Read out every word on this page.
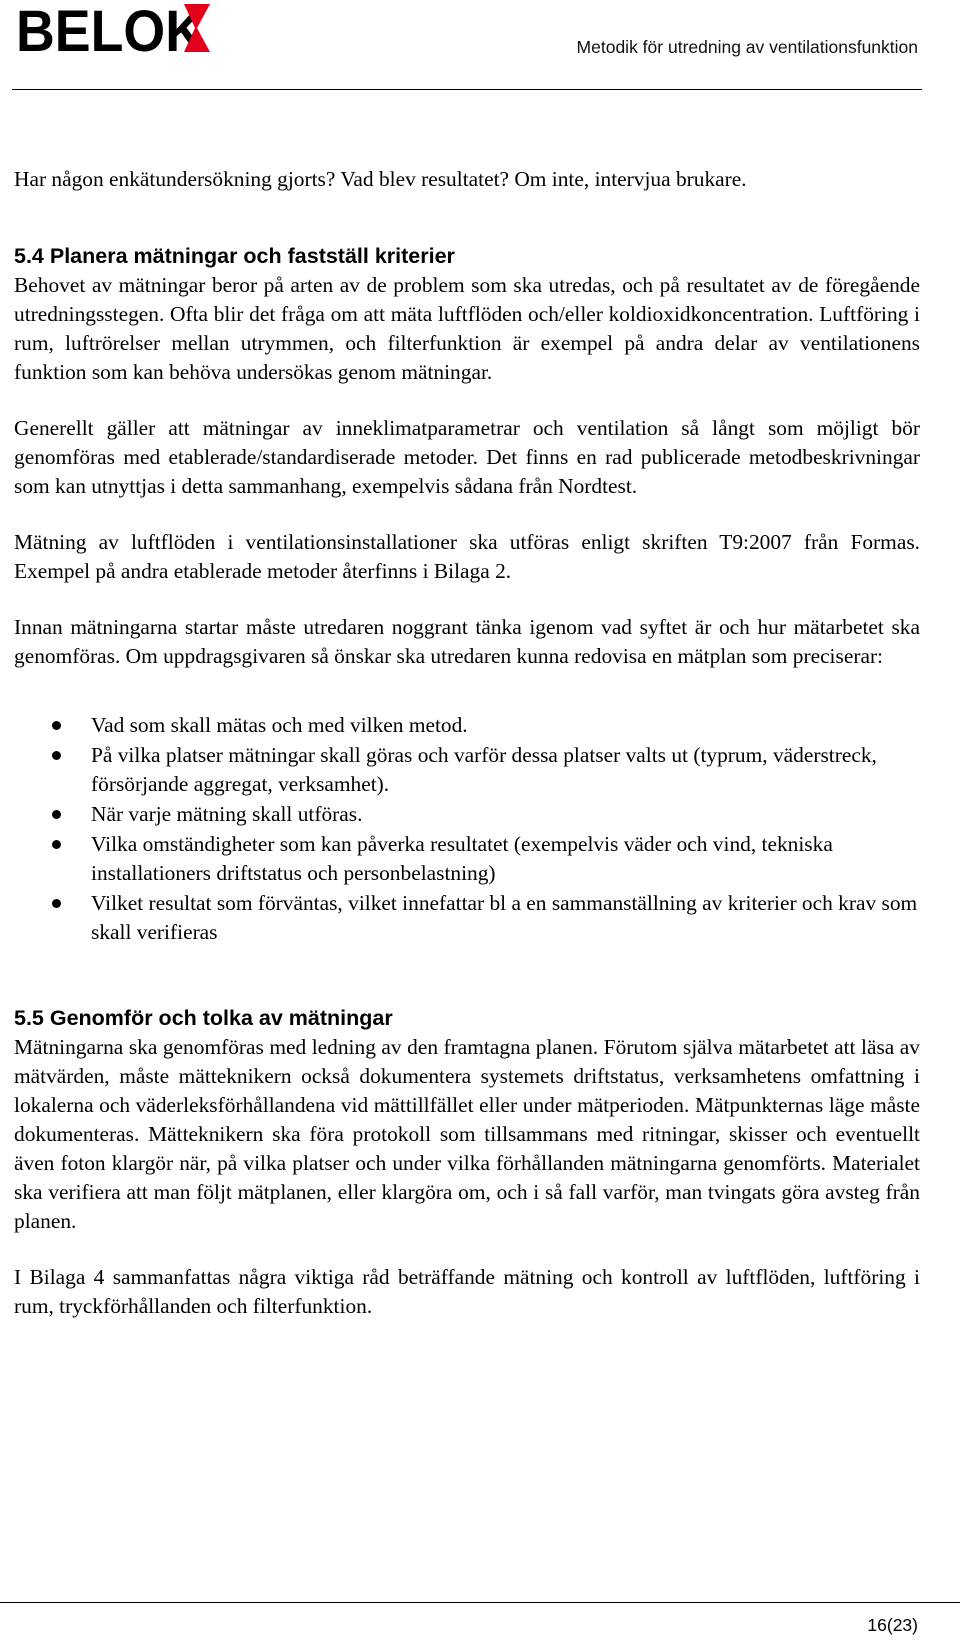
BELOK	Metodik för utredning av ventilationsfunktion

Har någon enkätundersökning gjorts? Vad blev resultatet? Om inte, intervjua brukare.

5.4 Planera mätningar och fastställ kriterier

Behovet av mätningar beror på arten av de problem som ska utredas, och på resultatet av de föregående utredningsstegen. Ofta blir det fråga om att mäta luftflöden och/eller koldioxidkoncentration. Luftföring i rum, luftrörelser mellan utrymmen, och filterfunktion är exempel på andra delar av ventilationens funktion som kan behöva undersökas genom mätningar.

Generellt gäller att mätningar av inneklimatparametrar och ventilation så långt som möjligt bör genomföras med etablerade/standardiserade metoder. Det finns en rad publicerade metodbeskrivningar som kan utnyttjas i detta sammanhang, exempelvis sådana från Nordtest.

Mätning av luftflöden i ventilationsinstallationer ska utföras enligt skriften T9:2007 från Formas. Exempel på andra etablerade metoder återfinns i Bilaga 2.

Innan mätningarna startar måste utredaren noggrant tänka igenom vad syftet är och hur mätarbetet ska genomföras. Om uppdragsgivaren så önskar ska utredaren kunna redovisa en mätplan som preciserar:

Vad som skall mätas och med vilken metod.
På vilka platser mätningar skall göras och varför dessa platser valts ut (typrum, väderstreck, försörjande aggregat, verksamhet).
När varje mätning skall utföras.
Vilka omständigheter som kan påverka resultatet (exempelvis väder och vind, tekniska installationers driftstatus och personbelastning)
Vilket resultat som förväntas, vilket innefattar bl a en sammanställning av kriterier och krav som skall verifieras
5.5 Genomför och tolka av mätningar

Mätningarna ska genomföras med ledning av den framtagna planen. Förutom själva mätarbetet att läsa av mätvärden, måste mätteknikern också dokumentera systemets driftstatus, verksamhetens omfattning i lokalerna och väderleksförhållandena vid mättillfället eller under mätperioden. Mätpunkternas läge måste dokumenteras. Mätteknikern ska föra protokoll som tillsammans med ritningar, skisser och eventuellt även foton klargör när, på vilka platser och under vilka förhållanden mätningarna genomförts. Materialet ska verifiera att man följt mätplanen, eller klargöra om, och i så fall varför, man tvingats göra avsteg från planen.

I Bilaga 4 sammanfattas några viktiga råd beträffande mätning och kontroll av luftflöden, luftföring i rum, tryckförhållanden och filterfunktion.

16(23)
